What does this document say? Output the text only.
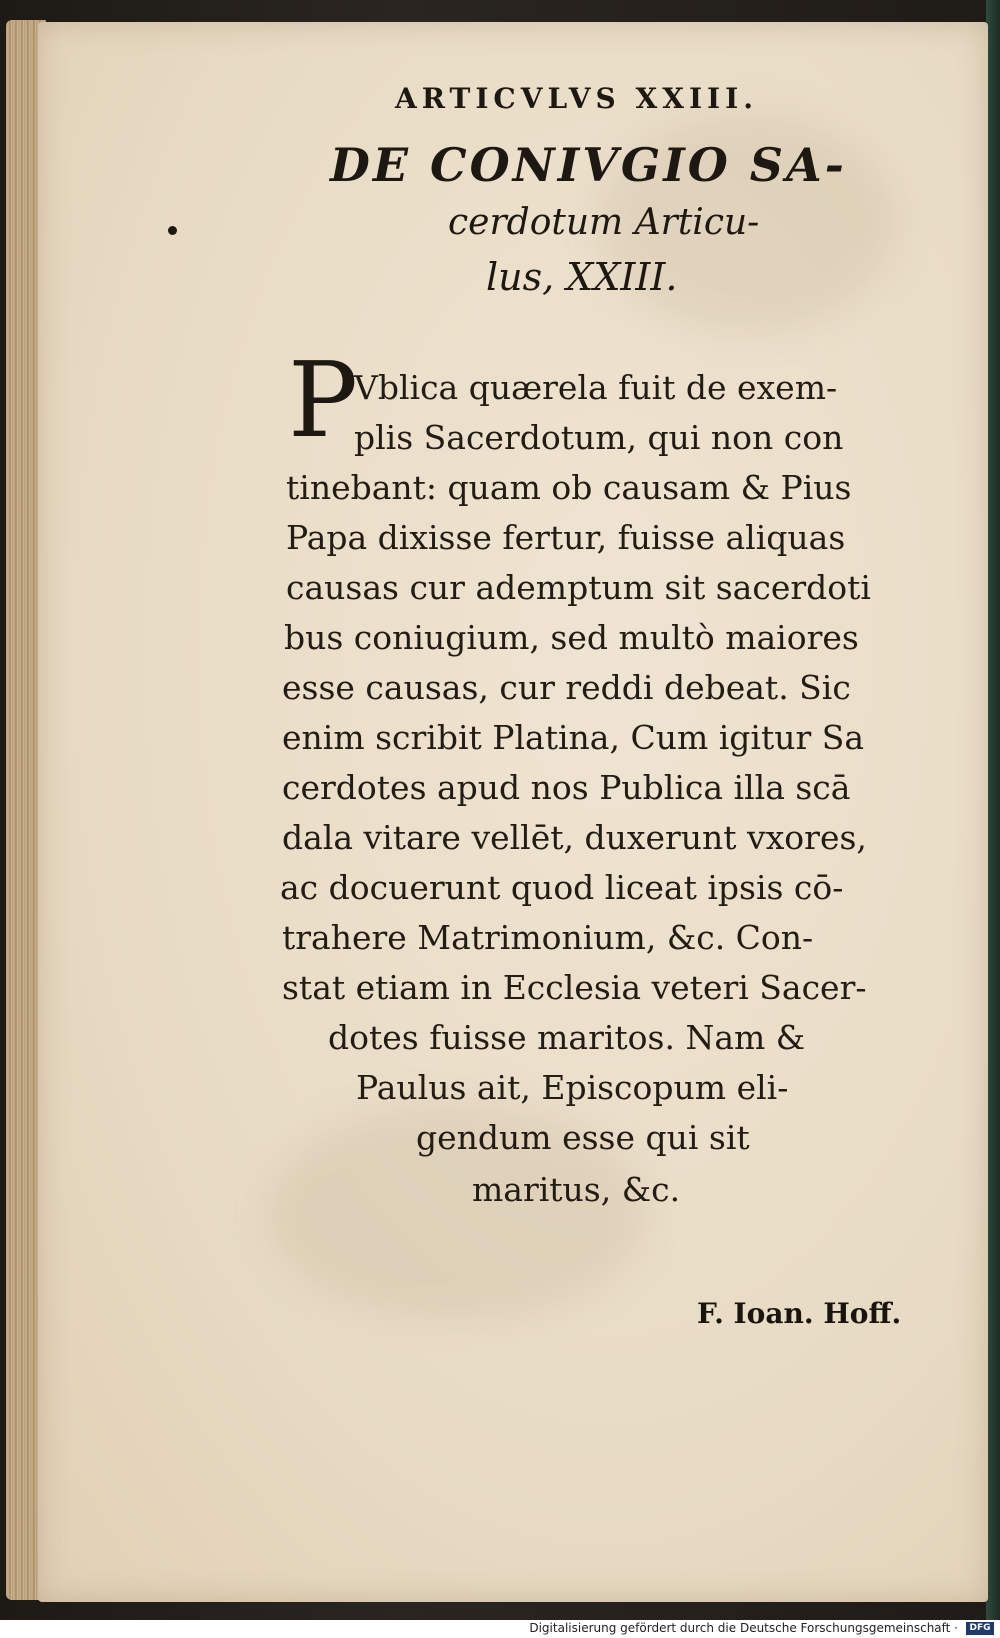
ARTICVLVS XXIII.
DE CONIVGIO SA-
cerdotum Articu-
lus, XXIII.
P
Vblica quærela fuit de exem-
plis Sacerdotum, qui non con
tinebant: quam ob causam & Pius
Papa dixisse fertur, fuisse aliquas
causas cur ademptum sit sacerdoti
bus coniugium, sed multò maiores
esse causas, cur reddi debeat. Sic
enim scribit Platina, Cum igitur Sa
cerdotes apud nos Publica illa scā
dala vitare vellēt, duxerunt vxores,
ac docuerunt quod liceat ipsis cō-
trahere Matrimonium, &c. Con-
stat etiam in Ecclesia veteri Sacer-
dotes fuisse maritos. Nam &
Paulus ait, Episcopum eli-
gendum esse qui sit
maritus, &c.
F. Ioan. Hoff.
Digitalisierung gefördert durch die Deutsche Forschungsgemeinschaft ·	DFG
